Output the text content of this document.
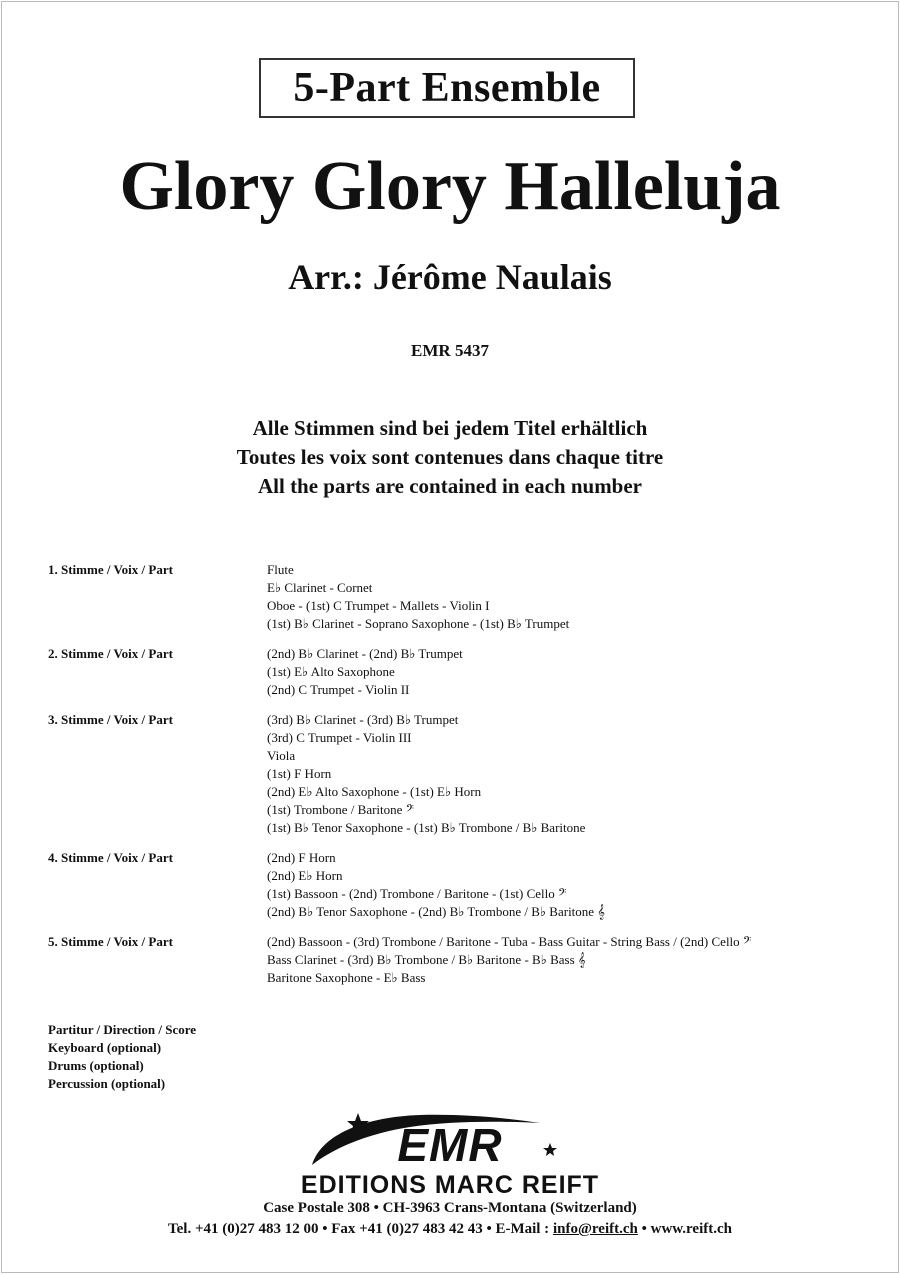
5-Part Ensemble
Glory Glory Halleluja
Arr.: Jérôme Naulais
EMR 5437
Alle Stimmen sind bei jedem Titel erhältlich
Toutes les voix sont contenues dans chaque titre
All the parts are contained in each number
1. Stimme / Voix / Part	Flute
E♭ Clarinet - Cornet
Oboe - (1st) C Trumpet - Mallets - Violin I
(1st) B♭ Clarinet - Soprano Saxophone - (1st) B♭ Trumpet
2. Stimme / Voix / Part	(2nd) B♭ Clarinet - (2nd) B♭ Trumpet
(1st) E♭ Alto Saxophone
(2nd) C Trumpet - Violin II
3. Stimme / Voix / Part	(3rd) B♭ Clarinet - (3rd) B♭ Trumpet
(3rd) C Trumpet - Violin III
Viola
(1st) F Horn
(2nd) E♭ Alto Saxophone - (1st) E♭ Horn
(1st) Trombone / Baritone 𝄢
(1st) B♭ Tenor Saxophone - (1st) B♭ Trombone / B♭ Baritone
4. Stimme / Voix / Part	(2nd) F Horn
(2nd) E♭ Horn
(1st) Bassoon - (2nd) Trombone / Baritone - (1st) Cello 𝄢
(2nd) B♭ Tenor Saxophone - (2nd) B♭ Trombone / B♭ Baritone 𝄞
5. Stimme / Voix / Part	(2nd) Bassoon - (3rd) Trombone / Baritone - Tuba - Bass Guitar - String Bass / (2nd) Cello 𝄢
Bass Clarinet - (3rd) B♭ Trombone / B♭ Baritone - B♭ Bass 𝄞
Baritone Saxophone - E♭ Bass
Partitur / Direction / Score
Keyboard (optional)
Drums (optional)
Percussion (optional)
EMR
EDITIONS MARC REIFT
Case Postale 308 • CH-3963 Crans-Montana (Switzerland)
Tel. +41 (0)27 483 12 00 • Fax +41 (0)27 483 42 43 • E-Mail : info@reift.ch • www.reift.ch
